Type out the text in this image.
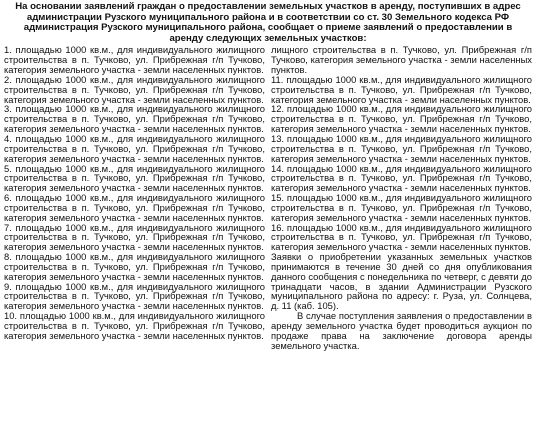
На основании заявлений граждан о предоставлении земельных участков в аренду, поступивших в адрес администрации Рузского муниципального района и в соответствии со ст. 30 Земельного кодекса РФ администрация Рузского муниципального района, сообщает о приеме заявлений о предоставлении в аренду следующих земельных участков:

1. площадью 1000 кв.м., для индивидуального жилищного строительства в п. Тучково, ул. Прибрежная г/п Тучково, категория земельного участка - земли населенных пунктов.

2. площадью 1000 кв.м., для индивидуального жилищного строительства в п. Тучково, ул. Прибрежная г/п Тучково, категория земельного участка - земли населенных пунктов.

3. площадью 1000 кв.м., для индивидуального жилищного строительства в п. Тучково, ул. Прибрежная г/п Тучково, категория земельного участка - земли населенных пунктов.

4. площадью 1000 кв.м., для индивидуального жилищного строительства в п. Тучково, ул. Прибрежная г/п Тучково, категория земельного участка - земли населенных пунктов.

5. площадью 1000 кв.м., для индивидуального жилищного строительства в п. Тучково, ул. Прибрежная г/п Тучково, категория земельного участка - земли населенных пунктов.

6. площадью 1000 кв.м., для индивидуального жилищного строительства в п. Тучково, ул. Прибрежная г/п Тучково, категория земельного участка - земли населенных пунктов.

7. площадью 1000 кв.м., для индивидуального жилищного строительства в п. Тучково, ул. Прибрежная г/п Тучково, категория земельного участка - земли населенных пунктов.

8. площадью 1000 кв.м., для индивидуального жилищного строительства в п. Тучково, ул. Прибрежная г/п Тучково, категория земельного участка - земли населенных пунктов.

9. площадью 1000 кв.м., для индивидуального жилищного строительства в п. Тучково, ул. Прибрежная г/п Тучково, категория земельного участка - земли населенных пунктов.

10. площадью 1000 кв.м., для индивидуального жилищного строительства в п. Тучково, ул. Прибрежная г/п Тучково, категория земельного участка - земли населенных пунктов.

лищного строительства в п. Тучково, ул. Прибрежная г/п Тучково, категория земельного участка - земли населенных пунктов.

11. площадью 1000 кв.м., для индивидуального жилищного строительства в п. Тучково, ул. Прибрежная г/п Тучково, категория земельного участка - земли населенных пунктов.

12. площадью 1000 кв.м., для индивидуального жилищного строительства в п. Тучково, ул. Прибрежная г/п Тучково, категория земельного участка - земли населенных пунктов.

13. площадью 1000 кв.м., для индивидуального жилищного строительства в п. Тучково, ул. Прибрежная г/п Тучково, категория земельного участка - земли населенных пунктов.

14. площадью 1000 кв.м., для индивидуального жилищного строительства в п. Тучково, ул. Прибрежная г/п Тучково, категория земельного участка - земли населенных пунктов.

15. площадью 1000 кв.м., для индивидуального жилищного строительства в п. Тучково, ул. Прибрежная г/п Тучково, категория земельного участка - земли населенных пунктов.

16. площадью 1000 кв.м., для индивидуального жилищного строительства в п. Тучково, ул. Прибрежная г/п Тучково, категория земельного участка - земли населенных пунктов.

Заявки о приобретении указанных земельных участков принимаются в течение 30 дней со дня опубликования данного сообщения с понедельника по четверг, с девяти до тринадцати часов, в здании Администрации Рузского муниципального района по адресу: г. Руза, ул. Солнцева, д. 11 (каб. 105).

В случае поступления заявления о предоставлении в аренду земельного участка будет проводиться аукцион по продаже права на заключение договора аренды земельного участка.
